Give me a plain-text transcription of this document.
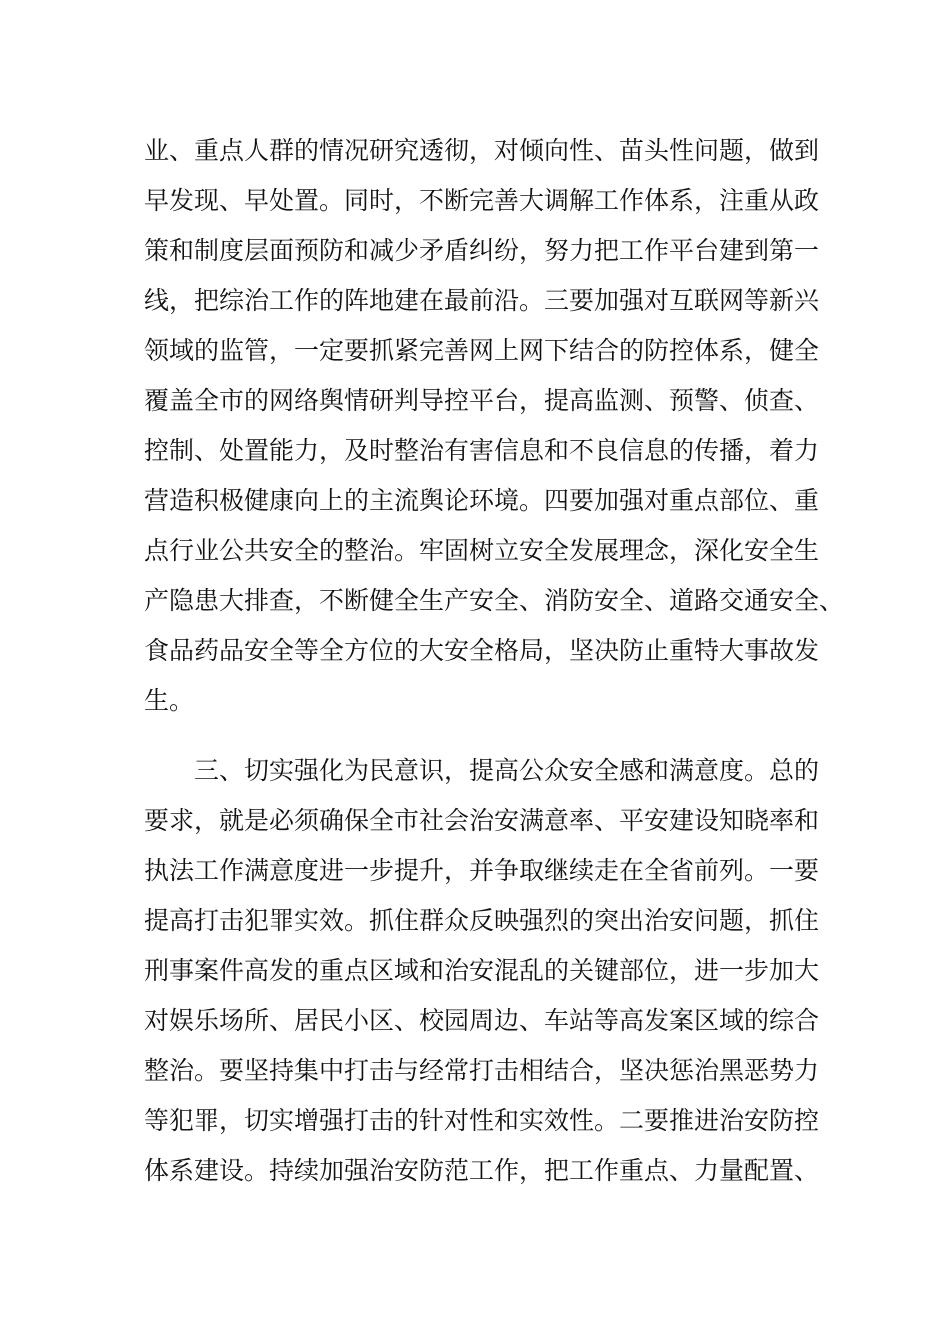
业、重点人群的情况研究透彻，对倾向性、苗头性问题，做到
早发现、早处置。同时，不断完善大调解工作体系，注重从政
策和制度层面预防和减少矛盾纠纷，努力把工作平台建到第一
线，把综治工作的阵地建在最前沿。三要加强对互联网等新兴
领域的监管，一定要抓紧完善网上网下结合的防控体系，健全
覆盖全市的网络舆情研判导控平台，提高监测、预警、侦查、
控制、处置能力，及时整治有害信息和不良信息的传播，着力
营造积极健康向上的主流舆论环境。四要加强对重点部位、重
点行业公共安全的整治。牢固树立安全发展理念，深化安全生
产隐患大排查，不断健全生产安全、消防安全、道路交通安全、
食品药品安全等全方位的大安全格局，坚决防止重特大事故发
生。
三、切实强化为民意识，提高公众安全感和满意度。总的
要求，就是必须确保全市社会治安满意率、平安建设知晓率和
执法工作满意度进一步提升，并争取继续走在全省前列。一要
提高打击犯罪实效。抓住群众反映强烈的突出治安问题，抓住
刑事案件高发的重点区域和治安混乱的关键部位，进一步加大
对娱乐场所、居民小区、校园周边、车站等高发案区域的综合
整治。要坚持集中打击与经常打击相结合，坚决惩治黑恶势力
等犯罪，切实增强打击的针对性和实效性。二要推进治安防控
体系建设。持续加强治安防范工作，把工作重点、力量配置、
